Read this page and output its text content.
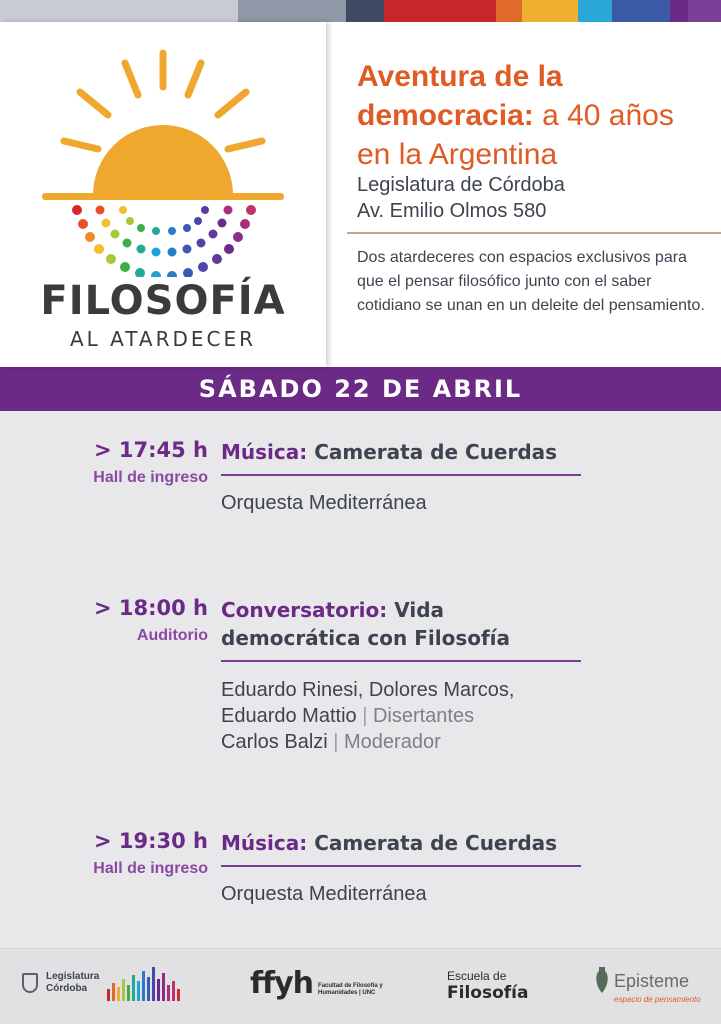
FILOSOFÍA
AL ATARDECER
Aventura de la democracia: a 40 años en la Argentina
Legislatura de Córdoba
Av. Emilio Olmos 580
Dos atardeceres con espacios exclusivos para que el pensar filosófico junto con el saber cotidiano se unan en un deleite del pensamiento.
SÁBADO 22 DE ABRIL
> 17:45 h
Hall de ingreso
Música: Camerata de Cuerdas
Orquesta Mediterránea
> 18:00 h
Auditorio
Conversatorio: Vida democrática con Filosofía
Eduardo Rinesi, Dolores Marcos,
Eduardo Mattio | Disertantes
Carlos Balzi | Moderador
> 19:30 h
Hall de ingreso
Música: Camerata de Cuerdas
Orquesta Mediterránea
Legislatura
Córdoba	ffyh Facultad de Filosofía y Humanidades | UNC
Escuela de
Filosofía
Episteme
espacio de pensamiento
